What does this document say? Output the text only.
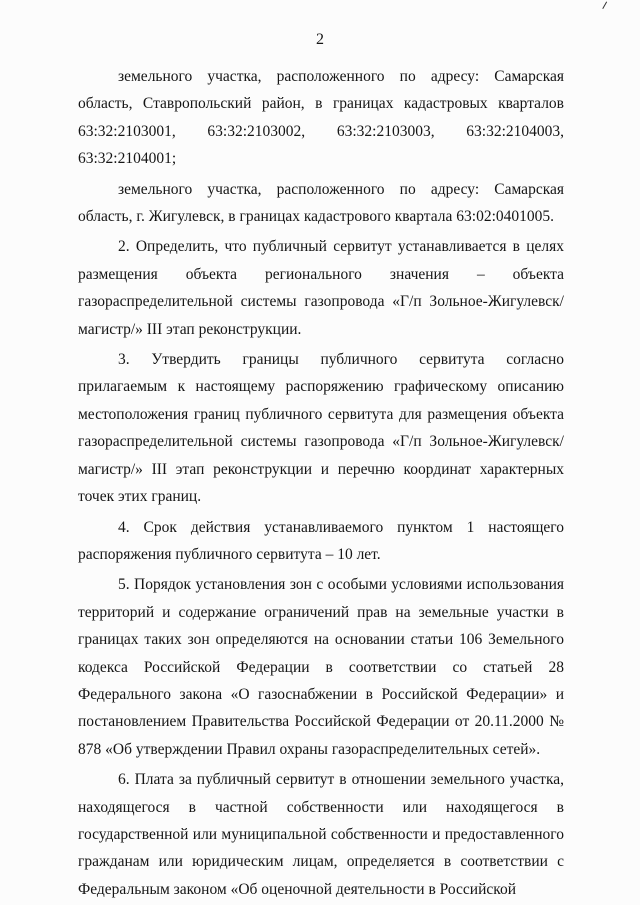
2

земельного участка, расположенного по адресу: Самарская область, Ставропольский район, в границах кадастровых кварталов 63:32:2103001, 63:32:2103002, 63:32:2103003, 63:32:2104003, 63:32:2104001;

земельного участка, расположенного по адресу: Самарская область, г. Жигулевск, в границах кадастрового квартала 63:02:0401005.

2. Определить, что публичный сервитут устанавливается в целях размещения объекта регионального значения – объекта газораспределительной системы газопровода «Г/п Зольное-Жигулевск/магистр/» III этап реконструкции.

3. Утвердить границы публичного сервитута согласно прилагаемым к настоящему распоряжению графическому описанию местоположения границ публичного сервитута для размещения объекта газораспределительной системы газопровода «Г/п Зольное-Жигулевск/магистр/» III этап реконструкции и перечню координат характерных точек этих границ.

4. Срок действия устанавливаемого пунктом 1 настоящего распоряжения публичного сервитута – 10 лет.

5. Порядок установления зон с особыми условиями использования территорий и содержание ограничений прав на земельные участки в границах таких зон определяются на основании статьи 106 Земельного кодекса Российской Федерации в соответствии со статьей 28 Федерального закона «О газоснабжении в Российской Федерации» и постановлением Правительства Российской Федерации от 20.11.2000 № 878 «Об утверждении Правил охраны газораспределительных сетей».

6. Плата за публичный сервитут в отношении земельного участка, находящегося в частной собственности или находящегося в государственной или муниципальной собственности и предоставленного гражданам или юридическим лицам, определяется в соответствии с Федеральным законом «Об оценочной деятельности в Российской
